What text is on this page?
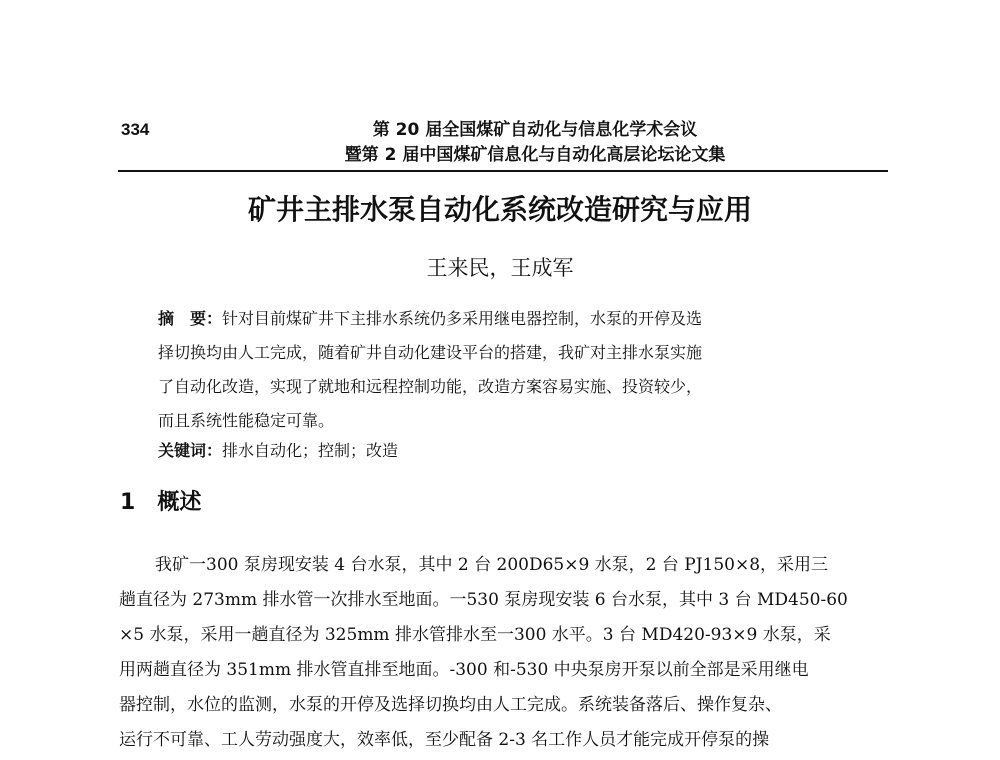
334	第 20 届全国煤矿自动化与信息化学术会议
暨第 2 届中国煤矿信息化与自动化高层论坛论文集
矿井主排水泵自动化系统改造研究与应用
王来民，王成军
摘　要：针对目前煤矿井下主排水系统仍多采用继电器控制，水泵的开停及选
择切换均由人工完成，随着矿井自动化建设平台的搭建，我矿对主排水泵实施
了自动化改造，实现了就地和远程控制功能，改造方案容易实施、投资较少，
而且系统性能稳定可靠。
关键词：排水自动化；控制；改造
1 概述
我矿一300 泵房现安装 4 台水泵，其中 2 台 200D65×9 水泵，2 台 PJ150×8，采用三
趟直径为 273mm 排水管一次排水至地面。一530 泵房现安装 6 台水泵，其中 3 台 MD450-60
×5 水泵，采用一趟直径为 325mm 排水管排水至一300 水平。3 台 MD420-93×9 水泵，采
用两趟直径为 351mm 排水管直排至地面。-300 和-530 中央泵房开泵以前全部是采用继电
器控制，水位的监测，水泵的开停及选择切换均由人工完成。系统装备落后、操作复杂、
运行不可靠、工人劳动强度大，效率低，至少配备 2-3 名工作人员才能完成开停泵的操
